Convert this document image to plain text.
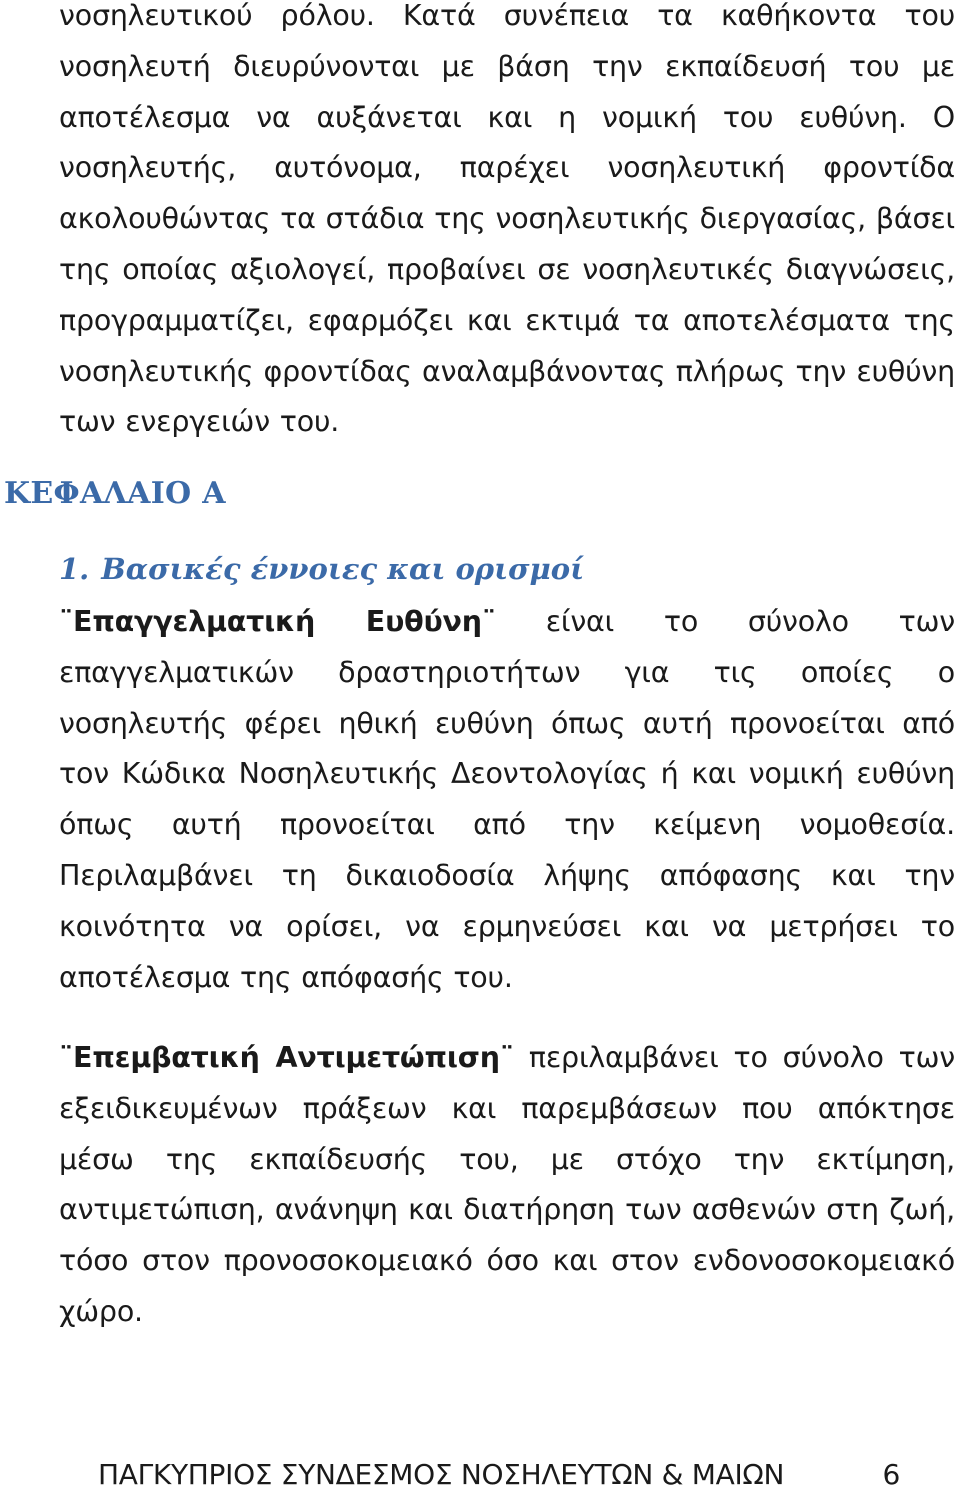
νοσηλευτικού ρόλου. Κατά συνέπεια τα καθήκοντα του νοσηλευτή διευρύνονται με βάση την εκπαίδευσή του με αποτέλεσμα να αυξάνεται και η νομική του ευθύνη. Ο νοσηλευτής, αυτόνομα, παρέχει νοσηλευτική φροντίδα ακολουθώντας τα στάδια της νοσηλευτικής διεργασίας, βάσει της οποίας αξιολογεί, προβαίνει σε νοσηλευτικές διαγνώσεις, προγραμματίζει, εφαρμόζει και εκτιμά τα αποτελέσματα της νοσηλευτικής φροντίδας αναλαμβάνοντας πλήρως την ευθύνη των ενεργειών του.

ΚΕΦΑΛΑΙΟ Α
1. Βασικές έννοιες και ορισμοί

¨Επαγγελματική Ευθύνη¨ είναι το σύνολο των επαγγελματικών δραστηριοτήτων για τις οποίες ο νοσηλευτής φέρει ηθική ευθύνη όπως αυτή προνοείται από τον Κώδικα Νοσηλευτικής Δεοντολογίας ή και νομική ευθύνη όπως αυτή προνοείται από την κείμενη νομοθεσία. Περιλαμβάνει τη δικαιοδοσία λήψης απόφασης και την κοινότητα να ορίσει, να ερμηνεύσει και να μετρήσει το αποτέλεσμα της απόφασής του.

¨Επεμβατική Αντιμετώπιση¨ περιλαμβάνει το σύνολο των εξειδικευμένων πράξεων και παρεμβάσεων που απόκτησε μέσω της εκπαίδευσής του, με στόχο την εκτίμηση, αντιμετώπιση, ανάνηψη και διατήρηση των ασθενών στη ζωή, τόσο στον προνοσοκομειακό όσο και στον ενδονοσοκομειακό χώρο.

ΠΑΓΚΥΠΡΙΟΣ ΣΥΝΔΕΣΜΟΣ ΝΟΣΗΛΕΥΤΩΝ & ΜΑΙΩΝ	6
